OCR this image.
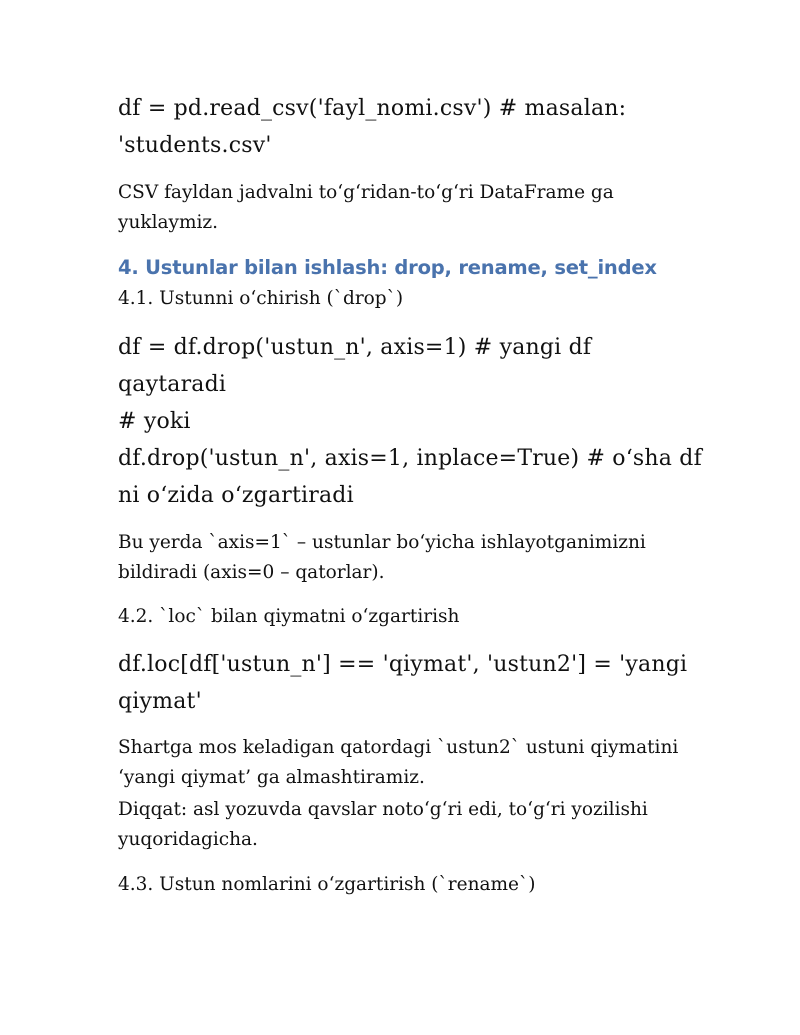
df = pd.read_csv('fayl_nomi.csv') # masalan:

'students.csv'

CSV fayldan jadvalni to‘g‘ridan-to‘g‘ri DataFrame ga

yuklaymiz.

4. Ustunlar bilan ishlash: drop, rename, set_index

4.1. Ustunni o‘chirish (`drop`)

df = df.drop('ustun_n', axis=1) # yangi df

qaytaradi

# yoki

df.drop('ustun_n', axis=1, inplace=True) # o‘sha df

ni o‘zida o‘zgartiradi

Bu yerda `axis=1` – ustunlar bo‘yicha ishlayotganimizni

bildiradi (axis=0 – qatorlar).

4.2. `loc` bilan qiymatni o‘zgartirish

df.loc[df['ustun_n'] == 'qiymat', 'ustun2'] = 'yangi

qiymat'

Shartga mos keladigan qatordagi `ustun2` ustuni qiymatini

‘yangi qiymat’ ga almashtiramiz.

Diqqat: asl yozuvda qavslar noto‘g‘ri edi, to‘g‘ri yozilishi

yuqoridagicha.

4.3. Ustun nomlarini o‘zgartirish (`rename`)
